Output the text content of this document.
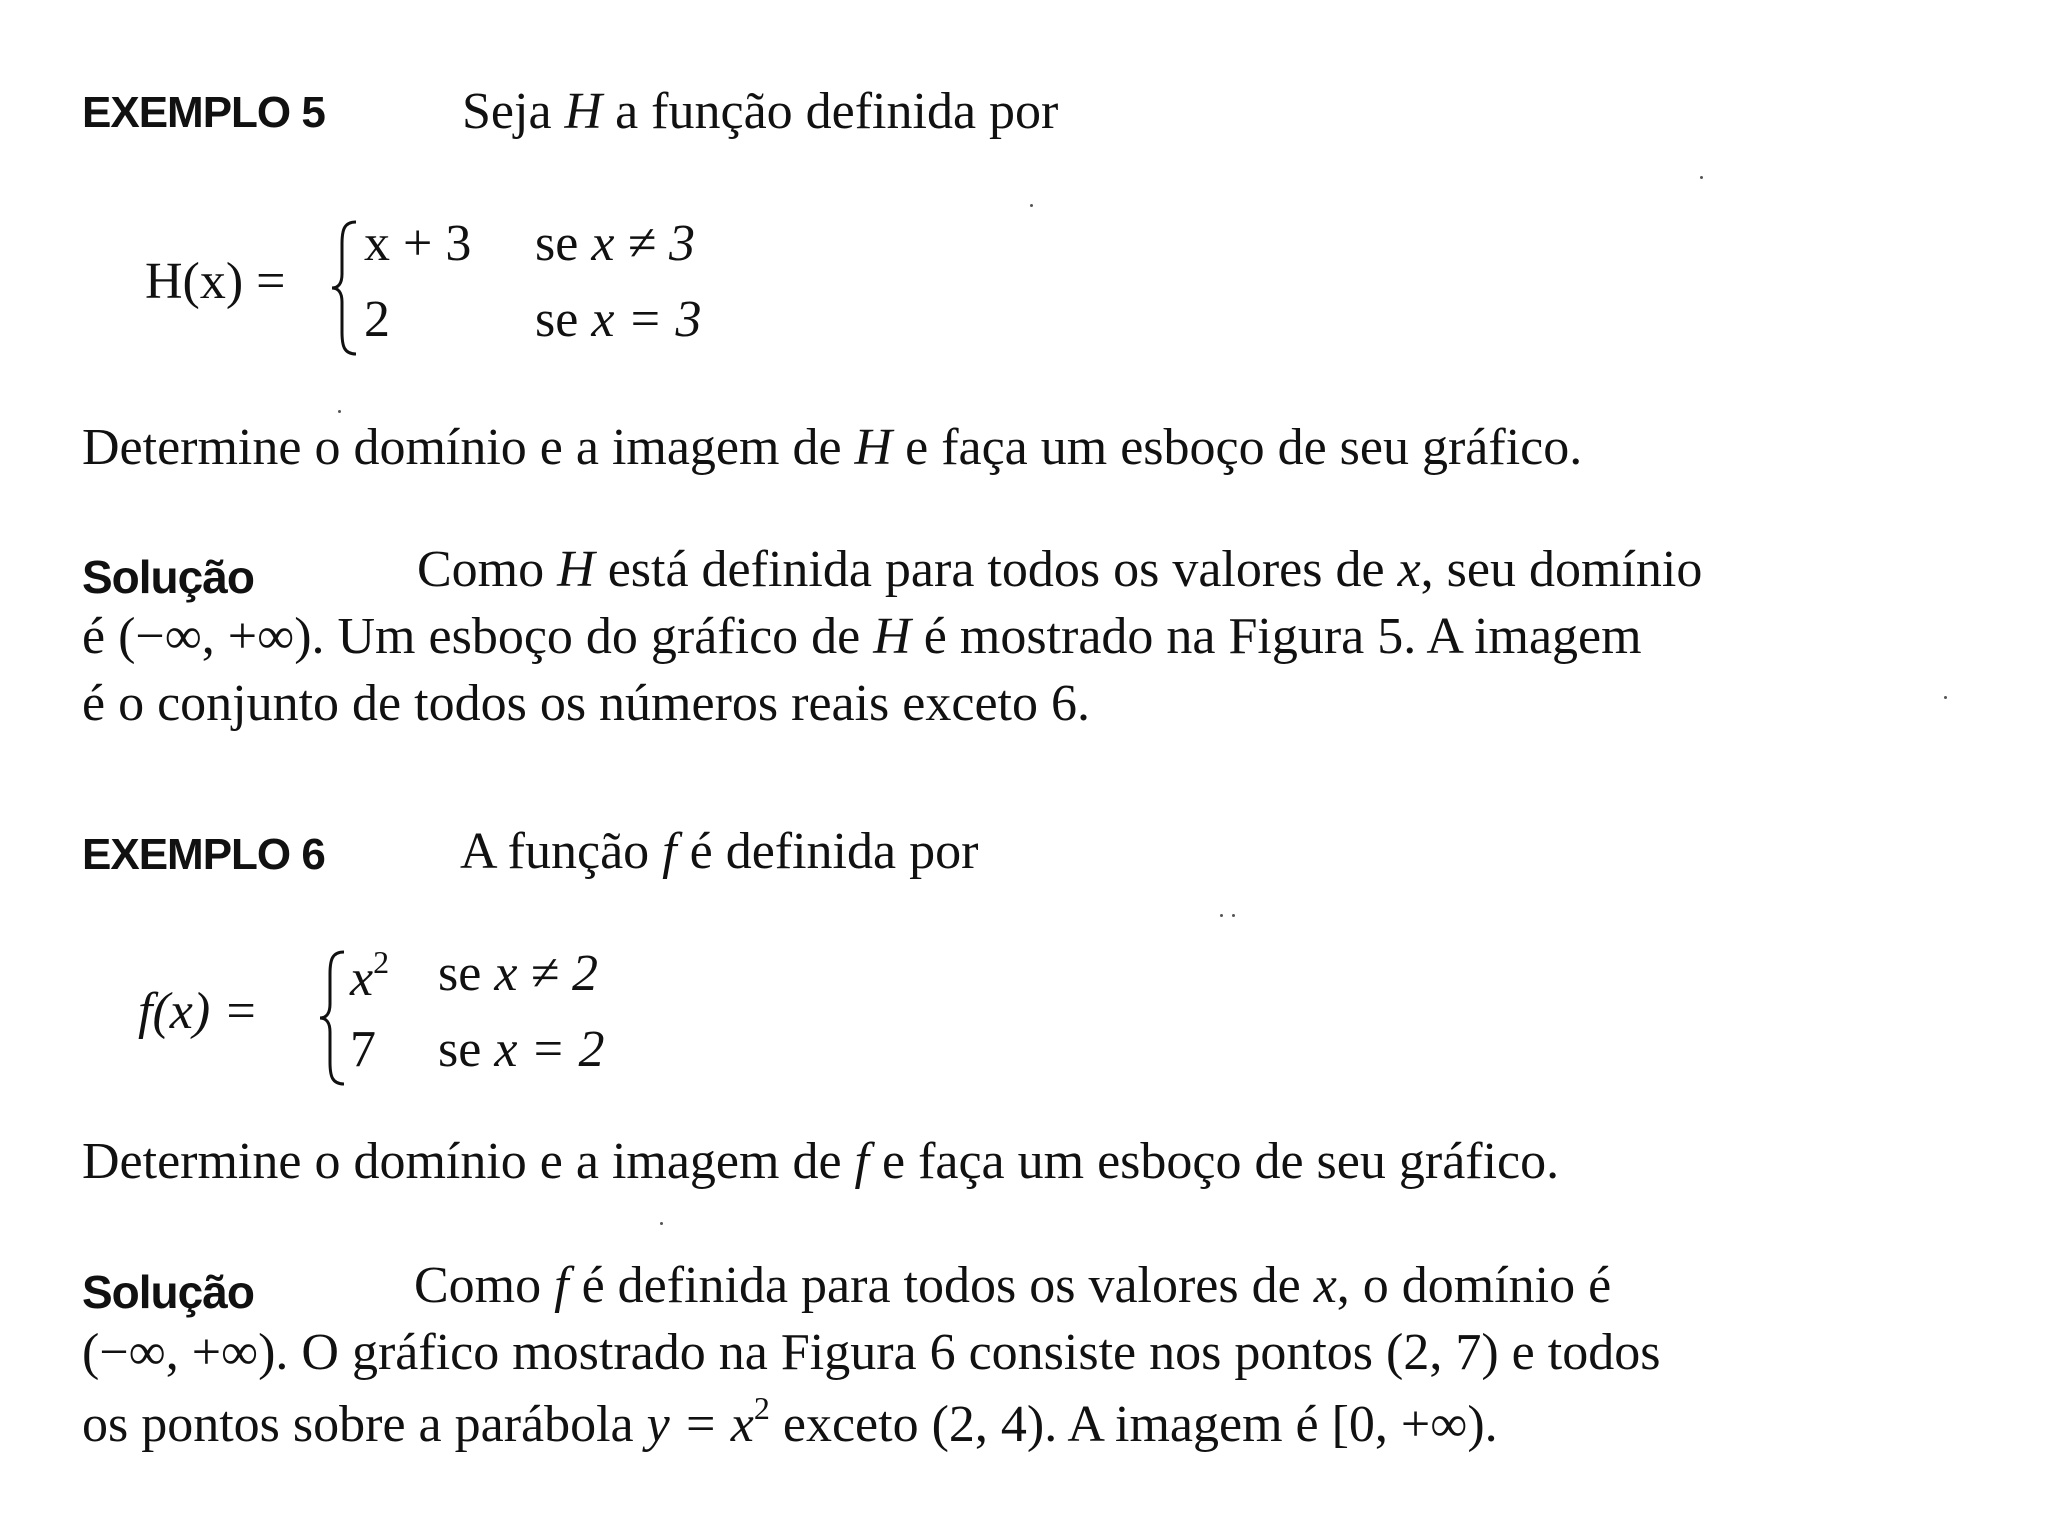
EXEMPLO 5	Seja H a função definida por
H(x) =
x + 3 se x ≠ 3
2	se x = 3
Determine o domínio e a imagem de H e faça um esboço de seu gráfico.
Solução	Como H está definida para todos os valores de x, seu domínio
é (−∞, +∞). Um esboço do gráfico de H é mostrado na Figura 5. A imagem
é o conjunto de todos os números reais exceto 6.
EXEMPLO 6	A função f é definida por
f(x) =
$x^2$ se x ≠ 2
7 se x = 2
Determine o domínio e a imagem de f e faça um esboço de seu gráfico.
Solução	Como f é definida para todos os valores de x, o domínio é
(−∞, +∞). O gráfico mostrado na Figura 6 consiste nos pontos (2, 7) e todos
os pontos sobre a parábola $y = x^2$ exceto (2, 4). A imagem é [0, +∞).
